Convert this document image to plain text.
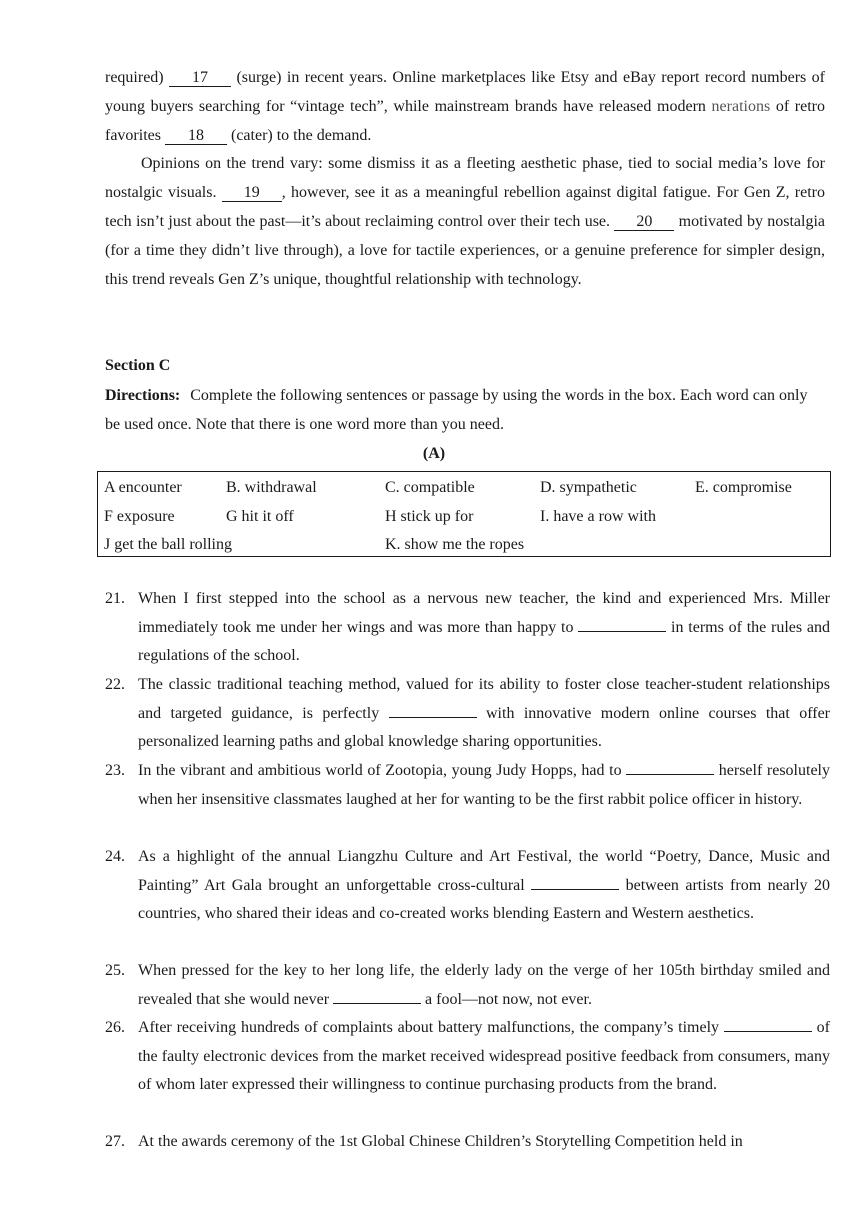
required) 17 (surge) in recent years. Online marketplaces like Etsy and eBay report record numbers of young buyers searching for “vintage tech”, while mainstream brands have released modern nerations of retro favorites 18 (cater) to the demand.
Opinions on the trend vary: some dismiss it as a fleeting aesthetic phase, tied to social media’s love for nostalgic visuals. 19 , however, see it as a meaningful rebellion against digital fatigue. For Gen Z, retro tech isn’t just about the past—it’s about reclaiming control over their tech use. 20 motivated by nostalgia (for a time they didn’t live through), a love for tactile experiences, or a genuine preference for simpler design, this trend reveals Gen Z’s unique, thoughtful relationship with technology.
Section C
Directions: Complete the following sentences or passage by using the words in the box. Each word can only be used once. Note that there is one word more than you need.
(A)
A encounter	B. withdrawal	C. compatible	D. sympathetic	E. compromise
F exposure	G hit it off	H stick up for	I. have a row with
J get the ball rolling	K. show me the ropes
21. When I first stepped into the school as a nervous new teacher, the kind and experienced Mrs. Miller immediately took me under her wings and was more than happy to	in terms of the rules and regulations of the school.
22. The classic traditional teaching method, valued for its ability to foster close teacher-student relationships and targeted guidance, is perfectly	with innovative modern online courses that offer personalized learning paths and global knowledge sharing opportunities.
23. In the vibrant and ambitious world of Zootopia, young Judy Hopps, had to	herself resolutely when her insensitive classmates laughed at her for wanting to be the first rabbit police officer in history.
24. As a highlight of the annual Liangzhu Culture and Art Festival, the world “Poetry, Dance, Music and Painting” Art Gala brought an unforgettable cross-cultural	between artists from nearly 20 countries, who shared their ideas and co-created works blending Eastern and Western aesthetics.
25. When pressed for the key to her long life, the elderly lady on the verge of her 105th birthday smiled and revealed that she would never	a fool—not now, not ever.
26. After receiving hundreds of complaints about battery malfunctions, the company’s timely	of the faulty electronic devices from the market received widespread positive feedback from consumers, many of whom later expressed their willingness to continue purchasing products from the brand.
27. At the awards ceremony of the 1st Global Chinese Children’s Storytelling Competition held in
